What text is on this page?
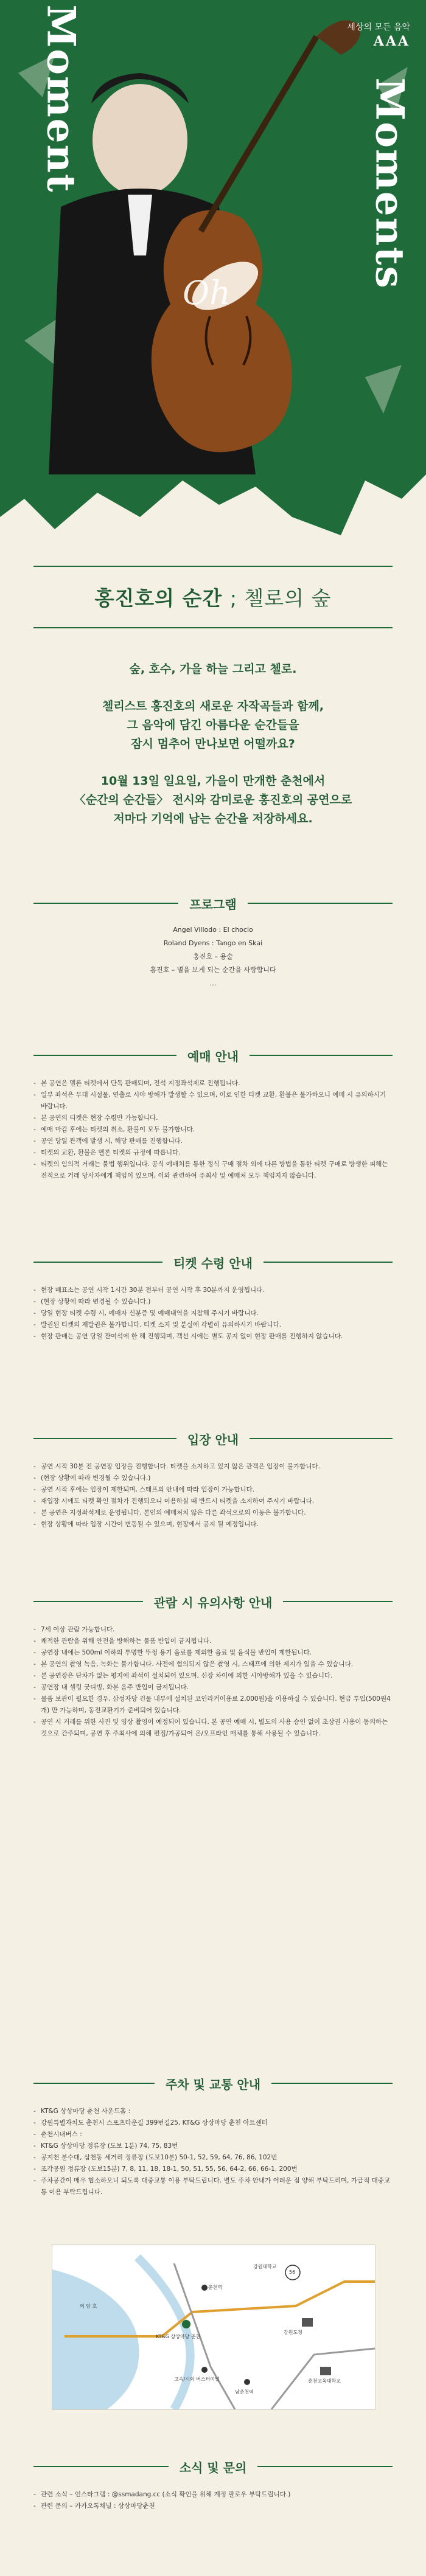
Moment	Moments
Oh
세상의 모든 음악
AAA
홍진호의 순간 ; 첼로의 숲

숲, 호수, 가을 하늘 그리고 첼로.

첼리스트 홍진호의 새로운 자작곡들과 함께,
그 음악에 담긴 아름다운 순간들을
잠시 멈추어 만나보면 어떨까요?

10월 13일 일요일, 가을이 만개한 춘천에서
〈순간의 순간들〉 전시와 감미로운 홍진호의 공연으로
저마다 기억에 남는 순간을 저장하세요.

프로그램
Angel Villodo : El choclo
Roland Dyens : Tango en Skai
홍진호 – 용술
홍진호 – 별을 보게 되는 순간을 사랑합니다
…
예매 안내
- 본 공연은 멜론 티켓에서 단독 판매되며, 전석 지정좌석제로 진행됩니다.
- 일부 좌석은 무대 시설물, 연출로 시야 방해가 발생할 수 있으며, 이로 인한 티켓 교환, 환불은 불가하오니 예매 시 유의하시기 바랍니다.
- 본 공연의 티켓은 현장 수령만 가능합니다.
- 예매 마감 후에는 티켓의 취소, 환불이 모두 불가합니다.
- 공연 당일 관객에 발생 시, 해당 판매를 진행합니다.
- 티켓의 교환, 환불은 멜론 티켓의 규정에 따릅니다.
- 티켓의 임의적 거래는 불법 행위입니다. 공식 예매처를 통한 정식 구매 절차 외에 다른 방법을 통한 티켓 구매로 방생한 피해는 전적으로 거래 당사자에게 책임이 있으며, 이와 관련하여 주최사 및 예매처 모두 책임지지 않습니다.
티켓 수령 안내
- 현장 매표소는 공연 시작 1시간 30분 전부터 공연 시작 후 30분까지 운영됩니다.
- (현장 상황에 따라 변경될 수 있습니다.)
- 당일 현장 티켓 수령 시, 예매자 신분증 및 예매내역을 지참해 주시기 바랍니다.
- 발권된 티켓의 재발권은 불가합니다. 티켓 소지 및 분실에 각별히 유의하시기 바랍니다.
- 현장 판매는 공연 당일 잔여석에 한 해 진행되며, 객선 시에는 별도 공지 없이 현장 판매를 진행하지 않습니다.
입장 안내
- 공연 시작 30분 전 공연장 입장을 진행합니다. 티켓을 소지하고 있지 않은 관객은 입장이 불가합니다.
- (현장 상황에 따라 변경될 수 있습니다.)
- 공연 시작 후에는 입장이 제한되며, 스태프의 안내에 따라 입장이 가능합니다.
- 재입장 시에도 티켓 확인 절차가 진행되오니 이용하실 때 반드시 티켓을 소지하여 주시기 바랍니다.
- 본 공연은 지정좌석제로 운영됩니다. 본인의 예매처치 않은 다른 좌석으로의 이동은 불가합니다.
- 현장 상황에 따라 입장 시간이 변동될 수 있으며, 현장에서 공지 될 예정입니다.
관람 시 유의사항 안내
- 7세 이상 관람 가능합니다.
- 쾌적한 관람을 위해 안전을 방해하는 물품 반입이 금지됩니다.
- 공연장 내에는 500ml 이하의 투명한 뚜껑 용기 음료를 제외한 음료 및 음식물 반입이 제한됩니다.
- 본 공연의 촬영 녹음, 녹화는 불가합니다. 사전에 협의되지 않은 촬영 시, 스태프에 의한 제지가 있을 수 있습니다.
- 본 공연장은 단차가 없는 평지에 좌석이 설치되어 있으며, 신장 차이에 의한 시야방해가 있을 수 있습니다.
- 공연장 내 셀링 굿디빙, 화분 음주 반입이 금지됩니다.
- 물품 보관이 필요한 경우, 삼성자당 건물 내부에 설치된 코인라커이용료 2,000원)을 이용하실 수 있습니다. 현금 투입(500원4개) 만 가능하며, 동전교환기가 준비되어 있습니다.
- 공연 시 거래를 위한 사진 및 영상 촬영이 예정되어 있습니다. 본 공연 예매 시, 별도의 사용 승인 없이 초상권 사용이 동의하는 것으로 간주되며, 공연 후 주최사에 의해 편집/가공되어 온/오프라인 매체를 통해 사용될 수 있습니다.
주차 및 교통 안내
- KT&G 상상마당 춘천 사운드홀 :
- 강원특별자치도 춘천시 스포츠타운길 399번길25, KT&G 상상마당 춘천 아트센터
- 춘천시내버스 :
- KT&G 상상마당 정류장 (도보 1분) 74, 75, 83번
- 공지천 분수대, 삼천동 세거리 정류장 (도보10분) 50-1, 52, 59, 64, 76, 86, 102번
- 조각공원 정류장 (도보15분) 7, 8, 11, 18, 18-1, 50, 51, 55, 56, 64-2, 66, 66-1, 200번
- 주차공간이 매우 협소하오니 되도록 대중교통 이용 부탁드립니다. 별도 주차 안내가 어려운 점 양해 부탁드리며, 가급적 대중교통 이용 부탁드립니다.
의 암 호
KT&G 상상마당 춘천
고속/시외 버스터미널
남춘천역
춘천역
강원도청
강원대학교
춘천교육대학교
56
소식 및 문의
- 관련 소식 – 인스타그램 : @ssmadang.cc (소식 확인을 위해 계정 팔로우 부탁드립니다.)
- 관련 문의 – 카카오톡채널 : 상상마당춘천
